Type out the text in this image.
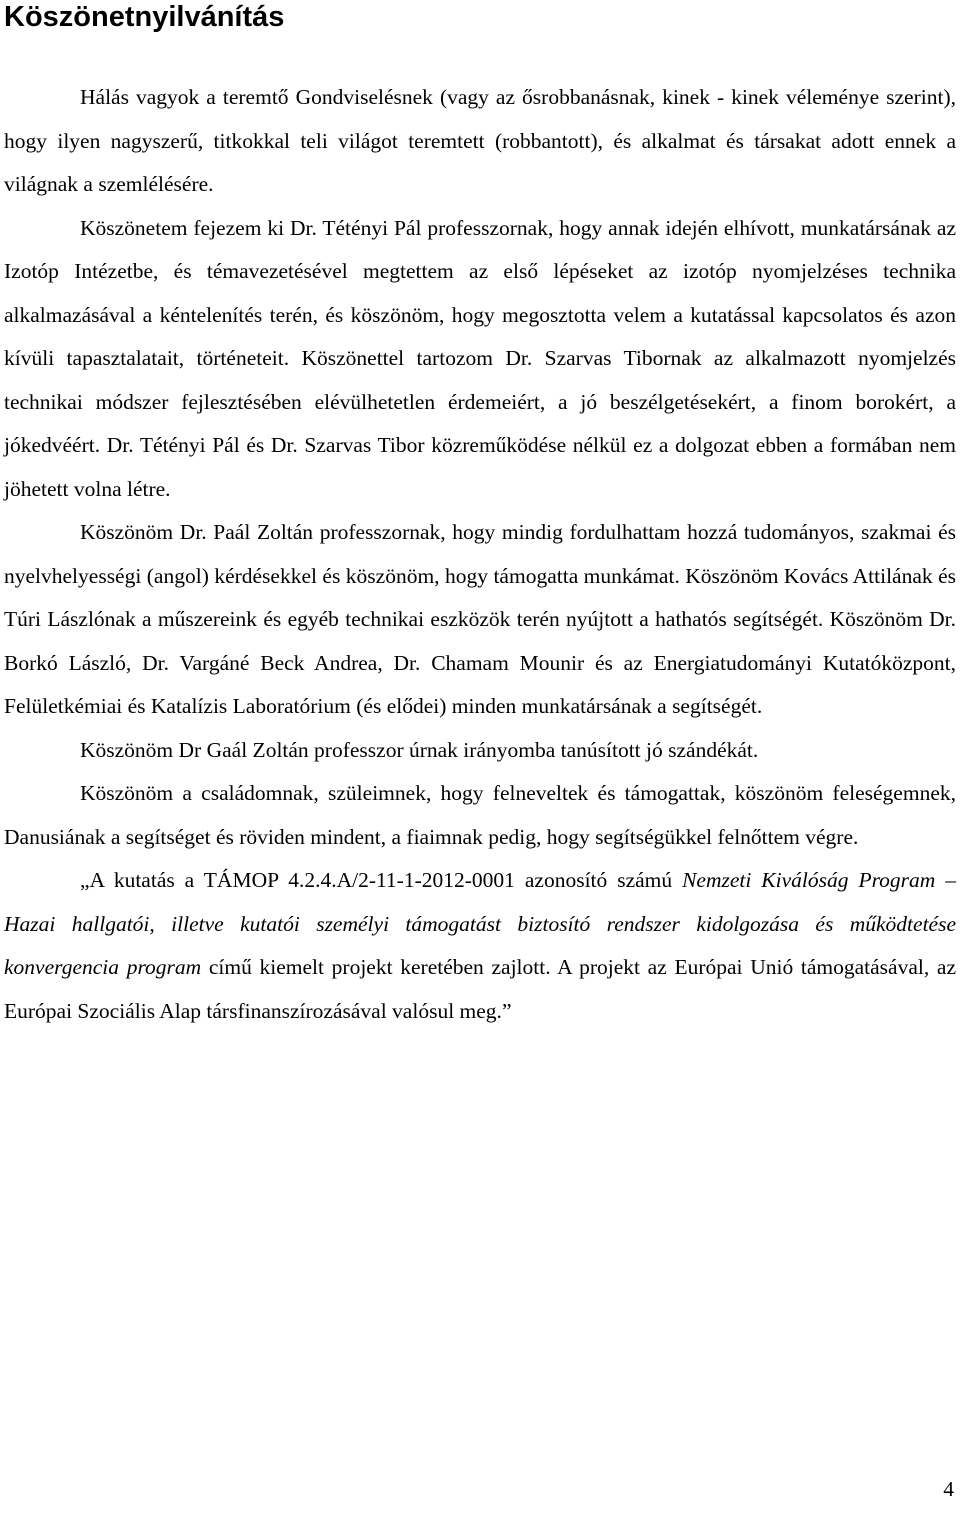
Köszönetnyilvánítás

Hálás vagyok a teremtő Gondviselésnek (vagy az ősrobbanásnak, kinek - kinek véleménye szerint), hogy ilyen nagyszerű, titkokkal teli világot teremtett (robbantott), és alkalmat és társakat adott ennek a világnak a szemlélésére.

Köszönetem fejezem ki Dr. Tétényi Pál professzornak, hogy annak idején elhívott, munkatársának az Izotóp Intézetbe, és témavezetésével megtettem az első lépéseket az izotóp nyomjelzéses technika alkalmazásával a kéntelenítés terén, és köszönöm, hogy megosztotta velem a kutatással kapcsolatos és azon kívüli tapasztalatait, történeteit. Köszönettel tartozom Dr. Szarvas Tibornak az alkalmazott nyomjelzés technikai módszer fejlesztésében elévülhetetlen érdemeiért, a jó beszélgetésekért, a finom borokért, a jókedvéért. Dr. Tétényi Pál és Dr. Szarvas Tibor közreműködése nélkül ez a dolgozat ebben a formában nem jöhetett volna létre.

Köszönöm Dr. Paál Zoltán professzornak, hogy mindig fordulhattam hozzá tudományos, szakmai és nyelvhelyességi (angol) kérdésekkel és köszönöm, hogy támogatta munkámat. Köszönöm Kovács Attilának és Túri Lászlónak a műszereink és egyéb technikai eszközök terén nyújtott a hathatós segítségét. Köszönöm Dr. Borkó László, Dr. Vargáné Beck Andrea, Dr. Chamam Mounir és az Energiatudományi Kutatóközpont, Felületkémiai és Katalízis Laboratórium (és elődei) minden munkatársának a segítségét.

Köszönöm Dr Gaál Zoltán professzor úrnak irányomba tanúsított jó szándékát.

Köszönöm a családomnak, szüleimnek, hogy felneveltek és támogattak, köszönöm feleségemnek, Danusiának a segítséget és röviden mindent, a fiaimnak pedig, hogy segítségükkel felnőttem végre.

„A kutatás a TÁMOP 4.2.4.A/2-11-1-2012-0001 azonosító számú Nemzeti Kiválóság Program – Hazai hallgatói, illetve kutatói személyi támogatást biztosító rendszer kidolgozása és működtetése konvergencia program című kiemelt projekt keretében zajlott. A projekt az Európai Unió támogatásával, az Európai Szociális Alap társfinanszírozásával valósul meg.”

4
